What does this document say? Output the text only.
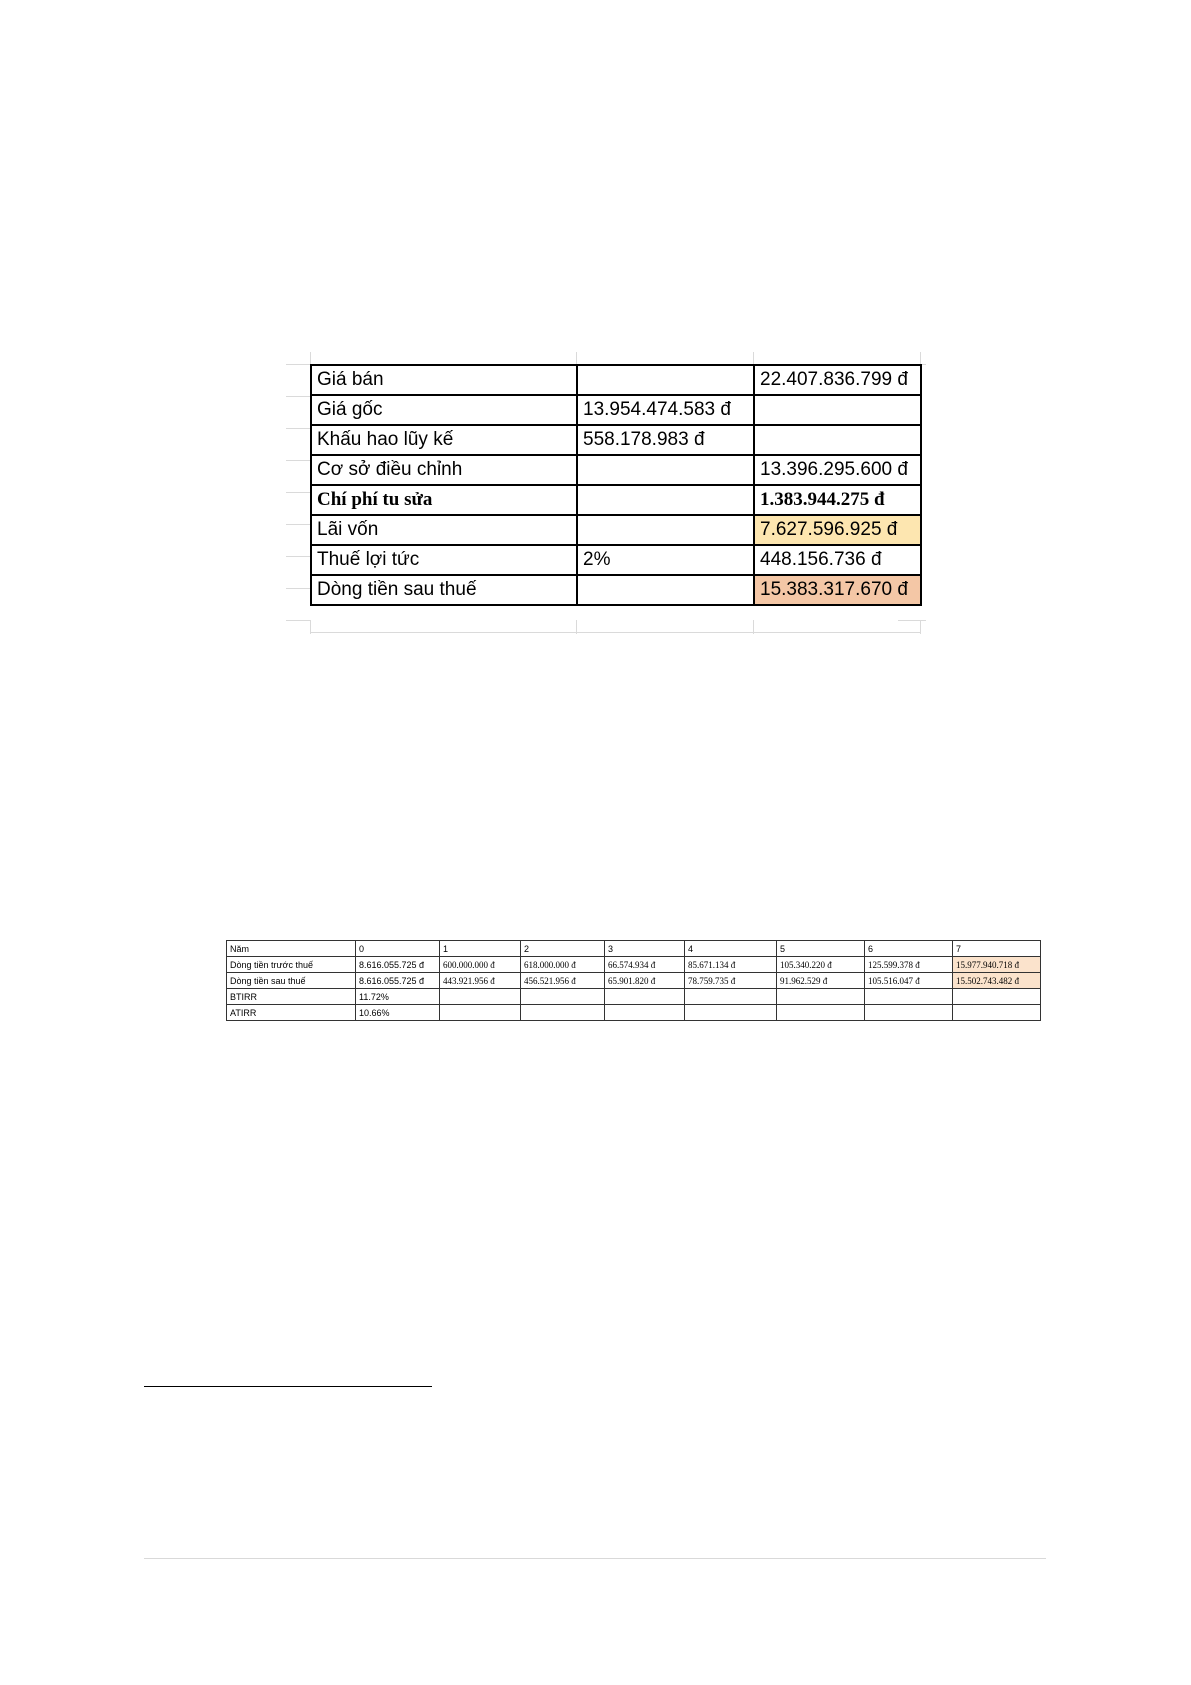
Giá bán		22.407.836.799 đ
Giá gốc	13.954.474.583 đ	
Khấu hao lũy kế	558.178.983 đ	
Cơ sở điều chỉnh		13.396.295.600 đ
Chí phí tu sửa		1.383.944.275 đ
Lãi vốn		7.627.596.925 đ
Thuế lợi tức	2%	448.156.736 đ
Dòng tiền sau thuế		15.383.317.670 đ
Năm	0	1	2	3	4	5	6	7
Dòng tiền trước thuế	8.616.055.725 đ	600.000.000 đ	618.000.000 đ	66.574.934 đ	85.671.134 đ	105.340.220 đ	125.599.378 đ	15.977.940.718 đ
Dòng tiền sau thuế	8.616.055.725 đ	443.921.956 đ	456.521.956 đ	65.901.820 đ	78.759.735 đ	91.962.529 đ	105.516.047 đ	15.502.743.482 đ
BTIRR	11.72%							
ATIRR	10.66%							
